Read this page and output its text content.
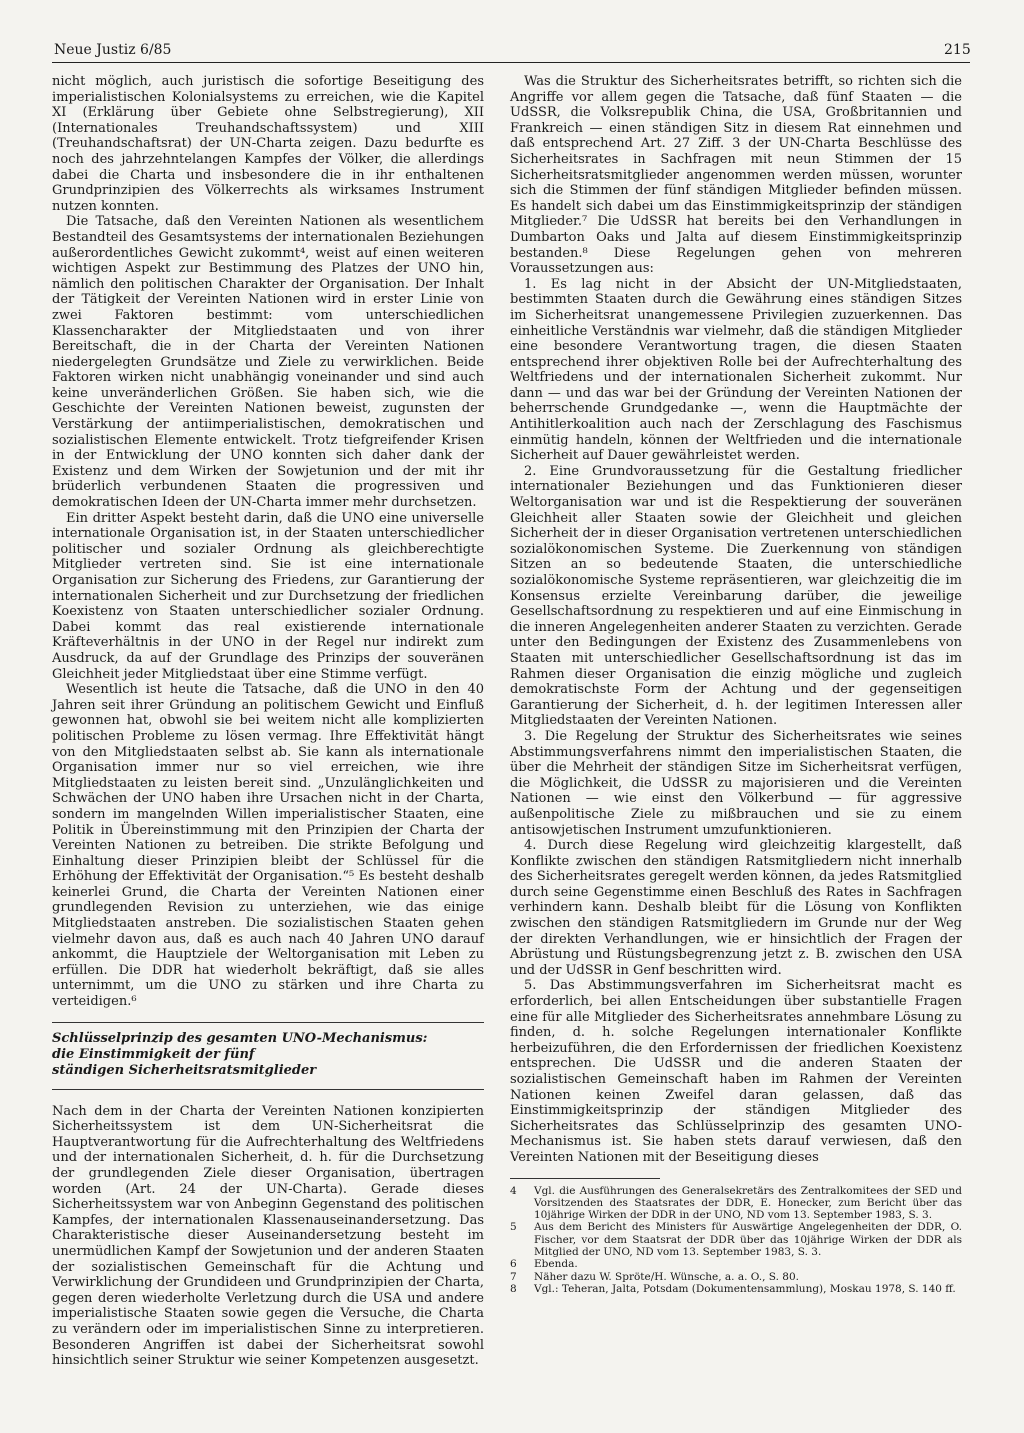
Neue Justiz 6/85	215

nicht möglich, auch juristisch die sofortige Beseitigung des imperialistischen Kolonialsystems zu erreichen, wie die Kapitel XI (Erklärung über Gebiete ohne Selbstregierung), XII (Internationales Treuhandschaftssystem) und XIII (Treuhandschaftsrat) der UN-Charta zeigen. Dazu bedurfte es noch des jahrzehntelangen Kampfes der Völker, die allerdings dabei die Charta und insbesondere die in ihr enthaltenen Grundprinzipien des Völkerrechts als wirksames Instrument nutzen konnten.

Die Tatsache, daß den Vereinten Nationen als wesentlichem Bestandteil des Gesamtsystems der internationalen Beziehungen außerordentliches Gewicht zukommt⁴, weist auf einen weiteren wichtigen Aspekt zur Bestimmung des Platzes der UNO hin, nämlich den politischen Charakter der Organisation. Der Inhalt der Tätigkeit der Vereinten Nationen wird in erster Linie von zwei Faktoren bestimmt: vom unterschiedlichen Klassencharakter der Mitgliedstaaten und von ihrer Bereitschaft, die in der Charta der Vereinten Nationen niedergelegten Grundsätze und Ziele zu verwirklichen. Beide Faktoren wirken nicht unabhängig voneinander und sind auch keine unveränderlichen Größen. Sie haben sich, wie die Geschichte der Vereinten Nationen beweist, zugunsten der Verstärkung der antiimperialistischen, demokratischen und sozialistischen Elemente entwickelt. Trotz tiefgreifender Krisen in der Entwicklung der UNO konnten sich daher dank der Existenz und dem Wirken der Sowjetunion und der mit ihr brüderlich verbundenen Staaten die progressiven und demokratischen Ideen der UN-Charta immer mehr durchsetzen.

Ein dritter Aspekt besteht darin, daß die UNO eine universelle internationale Organisation ist, in der Staaten unterschiedlicher politischer und sozialer Ordnung als gleichberechtigte Mitglieder vertreten sind. Sie ist eine internationale Organisation zur Sicherung des Friedens, zur Garantierung der internationalen Sicherheit und zur Durchsetzung der friedlichen Koexistenz von Staaten unterschiedlicher sozialer Ordnung. Dabei kommt das real existierende internationale Kräfteverhältnis in der UNO in der Regel nur indirekt zum Ausdruck, da auf der Grundlage des Prinzips der souveränen Gleichheit jeder Mitgliedstaat über eine Stimme verfügt.

Wesentlich ist heute die Tatsache, daß die UNO in den 40 Jahren seit ihrer Gründung an politischem Gewicht und Einfluß gewonnen hat, obwohl sie bei weitem nicht alle komplizierten politischen Probleme zu lösen vermag. Ihre Effektivität hängt von den Mitgliedstaaten selbst ab. Sie kann als internationale Organisation immer nur so viel erreichen, wie ihre Mitgliedstaaten zu leisten bereit sind. „Unzulänglichkeiten und Schwächen der UNO haben ihre Ursachen nicht in der Charta, sondern im mangelnden Willen imperialistischer Staaten, eine Politik in Übereinstimmung mit den Prinzipien der Charta der Vereinten Nationen zu betreiben. Die strikte Befolgung und Einhaltung dieser Prinzipien bleibt der Schlüssel für die Erhöhung der Effektivität der Organisation.“⁵ Es besteht deshalb keinerlei Grund, die Charta der Vereinten Nationen einer grundlegenden Revision zu unterziehen, wie das einige Mitgliedstaaten anstreben. Die sozialistischen Staaten gehen vielmehr davon aus, daß es auch nach 40 Jahren UNO darauf ankommt, die Hauptziele der Weltorganisation mit Leben zu erfüllen. Die DDR hat wiederholt bekräftigt, daß sie alles unternimmt, um die UNO zu stärken und ihre Charta zu verteidigen.⁶

Schlüsselprinzip des gesamten UNO-Mechanismus:
die Einstimmigkeit der fünf
ständigen Sicherheitsratsmitglieder

Nach dem in der Charta der Vereinten Nationen konzipierten Sicherheitssystem ist dem UN-Sicherheitsrat die Hauptverantwortung für die Aufrechterhaltung des Weltfriedens und der internationalen Sicherheit, d. h. für die Durchsetzung der grundlegenden Ziele dieser Organisation, übertragen worden (Art. 24 der UN-Charta). Gerade dieses Sicherheitssystem war von Anbeginn Gegenstand des politischen Kampfes, der internationalen Klassenauseinandersetzung. Das Charakteristische dieser Auseinandersetzung besteht im unermüdlichen Kampf der Sowjetunion und der anderen Staaten der sozialistischen Gemeinschaft für die Achtung und Verwirklichung der Grundideen und Grundprinzipien der Charta, gegen deren wiederholte Verletzung durch die USA und andere imperialistische Staaten sowie gegen die Versuche, die Charta zu verändern oder im imperialistischen Sinne zu interpretieren. Besonderen Angriffen ist dabei der Sicherheitsrat sowohl hinsichtlich seiner Struktur wie seiner Kompetenzen ausgesetzt.

Was die Struktur des Sicherheitsrates betrifft, so richten sich die Angriffe vor allem gegen die Tatsache, daß fünf Staaten — die UdSSR, die Volksrepublik China, die USA, Großbritannien und Frankreich — einen ständigen Sitz in diesem Rat einnehmen und daß entsprechend Art. 27 Ziff. 3 der UN-Charta Beschlüsse des Sicherheitsrates in Sachfragen mit neun Stimmen der 15 Sicherheitsratsmitglieder angenommen werden müssen, worunter sich die Stimmen der fünf ständigen Mitglieder befinden müssen. Es handelt sich dabei um das Einstimmigkeitsprinzip der ständigen Mitglieder.⁷ Die UdSSR hat bereits bei den Verhandlungen in Dumbarton Oaks und Jalta auf diesem Einstimmigkeitsprinzip bestanden.⁸ Diese Regelungen gehen von mehreren Voraussetzungen aus:

1. Es lag nicht in der Absicht der UN-Mitgliedstaaten, bestimmten Staaten durch die Gewährung eines ständigen Sitzes im Sicherheitsrat unangemessene Privilegien zuzuerkennen. Das einheitliche Verständnis war vielmehr, daß die ständigen Mitglieder eine besondere Verantwortung tragen, die diesen Staaten entsprechend ihrer objektiven Rolle bei der Aufrechterhaltung des Weltfriedens und der internationalen Sicherheit zukommt. Nur dann — und das war bei der Gründung der Vereinten Nationen der beherrschende Grundgedanke —, wenn die Hauptmächte der Antihitlerkoalition auch nach der Zerschlagung des Faschismus einmütig handeln, können der Weltfrieden und die internationale Sicherheit auf Dauer gewährleistet werden.

2. Eine Grundvoraussetzung für die Gestaltung friedlicher internationaler Beziehungen und das Funktionieren dieser Weltorganisation war und ist die Respektierung der souveränen Gleichheit aller Staaten sowie der Gleichheit und gleichen Sicherheit der in dieser Organisation vertretenen unterschiedlichen sozialökonomischen Systeme. Die Zuerkennung von ständigen Sitzen an so bedeutende Staaten, die unterschiedliche sozialökonomische Systeme repräsentieren, war gleichzeitig die im Konsensus erzielte Vereinbarung darüber, die jeweilige Gesellschaftsordnung zu respektieren und auf eine Einmischung in die inneren Angelegenheiten anderer Staaten zu verzichten. Gerade unter den Bedingungen der Existenz des Zusammenlebens von Staaten mit unterschiedlicher Gesellschaftsordnung ist das im Rahmen dieser Organisation die einzig mögliche und zugleich demokratischste Form der Achtung und der gegenseitigen Garantierung der Sicherheit, d. h. der legitimen Interessen aller Mitgliedstaaten der Vereinten Nationen.

3. Die Regelung der Struktur des Sicherheitsrates wie seines Abstimmungsverfahrens nimmt den imperialistischen Staaten, die über die Mehrheit der ständigen Sitze im Sicherheitsrat verfügen, die Möglichkeit, die UdSSR zu majorisieren und die Vereinten Nationen — wie einst den Völkerbund — für aggressive außenpolitische Ziele zu mißbrauchen und sie zu einem antisowjetischen Instrument umzufunktionieren.

4. Durch diese Regelung wird gleichzeitig klargestellt, daß Konflikte zwischen den ständigen Ratsmitgliedern nicht innerhalb des Sicherheitsrates geregelt werden können, da jedes Ratsmitglied durch seine Gegenstimme einen Beschluß des Rates in Sachfragen verhindern kann. Deshalb bleibt für die Lösung von Konflikten zwischen den ständigen Ratsmitgliedern im Grunde nur der Weg der direkten Verhandlungen, wie er hinsichtlich der Fragen der Abrüstung und Rüstungsbegrenzung jetzt z. B. zwischen den USA und der UdSSR in Genf beschritten wird.

5. Das Abstimmungsverfahren im Sicherheitsrat macht es erforderlich, bei allen Entscheidungen über substantielle Fragen eine für alle Mitglieder des Sicherheitsrates annehmbare Lösung zu finden, d. h. solche Regelungen internationaler Konflikte herbeizuführen, die den Erfordernissen der friedlichen Koexistenz entsprechen. Die UdSSR und die anderen Staaten der sozialistischen Gemeinschaft haben im Rahmen der Vereinten Nationen keinen Zweifel daran gelassen, daß das Einstimmigkeitsprinzip der ständigen Mitglieder des Sicherheitsrates das Schlüsselprinzip des gesamten UNO-Mechanismus ist. Sie haben stets darauf verwiesen, daß den Vereinten Nationen mit der Beseitigung dieses

4	Vgl. die Ausführungen des Generalsekretärs des Zentralkomitees der SED und Vorsitzenden des Staatsrates der DDR, E. Honecker, zum Bericht über das 10jährige Wirken der DDR in der UNO, ND vom 13. September 1983, S. 3.
5	Aus dem Bericht des Ministers für Auswärtige Angelegenheiten der DDR, O. Fischer, vor dem Staatsrat der DDR über das 10jährige Wirken der DDR als Mitglied der UNO, ND vom 13. September 1983, S. 3.
6	Ebenda.
7	Näher dazu W. Spröte/H. Wünsche, a. a. O., S. 80.
8	Vgl.: Teheran, Jalta, Potsdam (Dokumentensammlung), Moskau 1978, S. 140 ff.
